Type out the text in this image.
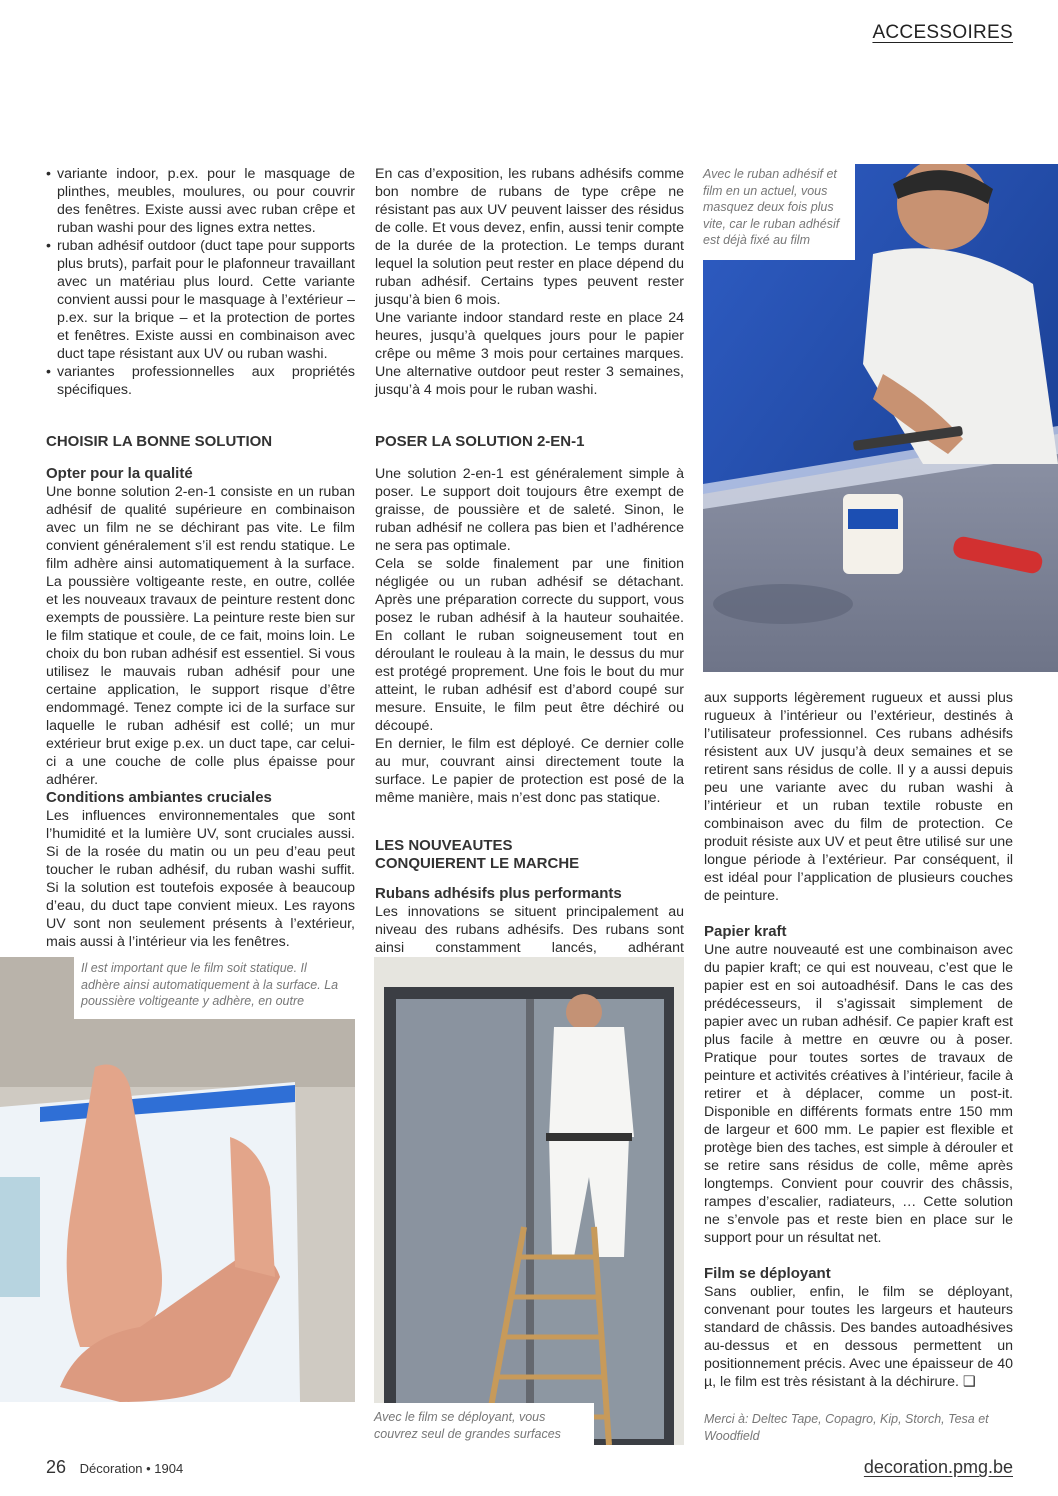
ACCESSOIRES
• variante indoor, p.ex. pour le masquage de plinthes, meubles, moulures, ou pour couvrir des fenêtres. Existe aussi avec ruban crêpe et ruban washi pour des lignes extra nettes.
• ruban adhésif outdoor (duct tape pour supports plus bruts), parfait pour le plafonneur travaillant avec un matériau plus lourd. Cette variante convient aussi pour le masquage à l’extérieur – p.ex. sur la brique – et la protection de portes et fenêtres. Existe aussi en combinaison avec duct tape résistant aux UV ou ruban washi.
• variantes professionnelles aux propriétés spécifiques.
CHOISIR LA BONNE SOLUTION
Opter pour la qualité

Une bonne solution 2-en-1 consiste en un ruban adhésif de qualité supérieure en combinaison avec un film ne se déchirant pas vite. Le film convient généralement s’il est rendu statique. Le film adhère ainsi automatiquement à la surface. La poussière voltigeante reste, en outre, collée et les nouveaux travaux de peinture restent donc exempts de poussière. La peinture reste bien sur le film statique et coule, de ce fait, moins loin. Le choix du bon ruban adhésif est essentiel. Si vous utilisez le mauvais ruban adhésif pour une certaine application, le support risque d’être endommagé. Tenez compte ici de la surface sur laquelle le ruban adhésif est collé; un mur extérieur brut exige p.ex. un duct tape, car celui-ci a une couche de colle plus épaisse pour adhérer.

Conditions ambiantes cruciales

Les influences environnementales que sont l’humidité et la lumière UV, sont cruciales aussi. Si de la rosée du matin ou un peu d’eau peut toucher le ruban adhésif, du ruban washi suffit. Si la solution est toutefois exposée à beaucoup d’eau, du duct tape convient mieux. Les rayons UV sont non seulement présents à l’extérieur, mais aussi à l’intérieur via les fenêtres.

En cas d’exposition, les rubans adhésifs comme bon nombre de rubans de type crêpe ne résistant pas aux UV peuvent laisser des résidus de colle. Et vous devez, enfin, aussi tenir compte de la durée de la protection. Le temps durant lequel la solution peut rester en place dépend du ruban adhésif. Certains types peuvent rester jusqu’à bien 6 mois.

Une variante indoor standard reste en place 24 heures, jusqu’à quelques jours pour le papier crêpe ou même 3 mois pour certaines marques. Une alternative outdoor peut rester 3 semaines, jusqu’à 4 mois pour le ruban washi.

POSER LA SOLUTION 2-EN-1

Une solution 2-en-1 est généralement simple à poser. Le support doit toujours être exempt de graisse, de poussière et de saleté. Sinon, le ruban adhésif ne collera pas bien et l’adhérence ne sera pas optimale.

Cela se solde finalement par une finition négligée ou un ruban adhésif se détachant. Après une préparation correcte du support, vous posez le ruban adhésif à la hauteur souhaitée. En collant le ruban soigneusement tout en déroulant le rouleau à la main, le dessus du mur est protégé proprement. Une fois le bout du mur atteint, le ruban adhésif est d’abord coupé sur mesure. Ensuite, le film peut être déchiré ou découpé.

En dernier, le film est déployé. Ce dernier colle au mur, couvrant ainsi directement toute la surface. Le papier de protection est posé de la même manière, mais n’est donc pas statique.

LES NOUVEAUTES
CONQUIERENT LE MARCHE
Rubans adhésifs plus performants

Les innovations se situent principalement au niveau des rubans adhésifs. Des rubans sont ainsi constamment lancés, adhérant

aux supports légèrement rugueux et aussi plus rugueux à l’intérieur ou l’extérieur, destinés à l’utilisateur professionnel. Ces rubans adhésifs résistent aux UV jusqu’à deux semaines et se retirent sans résidus de colle. Il y a aussi depuis peu une variante avec du ruban washi à l’intérieur et un ruban textile robuste en combinaison avec du film de protection. Ce produit résiste aux UV et peut être utilisé sur une longue période à l’extérieur. Par conséquent, il est idéal pour l’application de plusieurs couches de peinture.

Papier kraft

Une autre nouveauté est une combinaison avec du papier kraft; ce qui est nouveau, c’est que le papier est en soi autoadhésif. Dans le cas des prédécesseurs, il s’agissait simplement de papier avec un ruban adhésif. Ce papier kraft est plus facile à mettre en œuvre ou à poser. Pratique pour toutes sortes de travaux de peinture et activités créatives à l’intérieur, facile à retirer et à déplacer, comme un post-it. Disponible en différents formats entre 150 mm de largeur et 600 mm. Le papier est flexible et protège bien des taches, est simple à dérouler et se retire sans résidus de colle, même après longtemps. Convient pour couvrir des châssis, rampes d’escalier, radiateurs, … Cette solution ne s’envole pas et reste bien en place sur le support pour un résultat net.

Film se déployant

Sans oublier, enfin, le film se déployant, convenant pour toutes les largeurs et hauteurs standard de châssis. Des bandes autoadhésives au-dessus et en dessous permettent un positionnement précis. Avec une épaisseur de 40 µ, le film est très résistant à la déchirure. ❑

Avec le ruban adhésif et film en un actuel, vous masquez deux fois plus vite, car le ruban adhésif est déjà fixé au film
Il est important que le film soit statique. Il adhère ainsi automatiquement à la surface. La poussière voltigeante y adhère, en outre
Avec le film se déployant, vous couvrez seul de grandes surfaces
Merci à: Deltec Tape, Copagro, Kip, Storch, Tesa et Woodfield
26 Décoration • 1904	decoration.pmg.be
